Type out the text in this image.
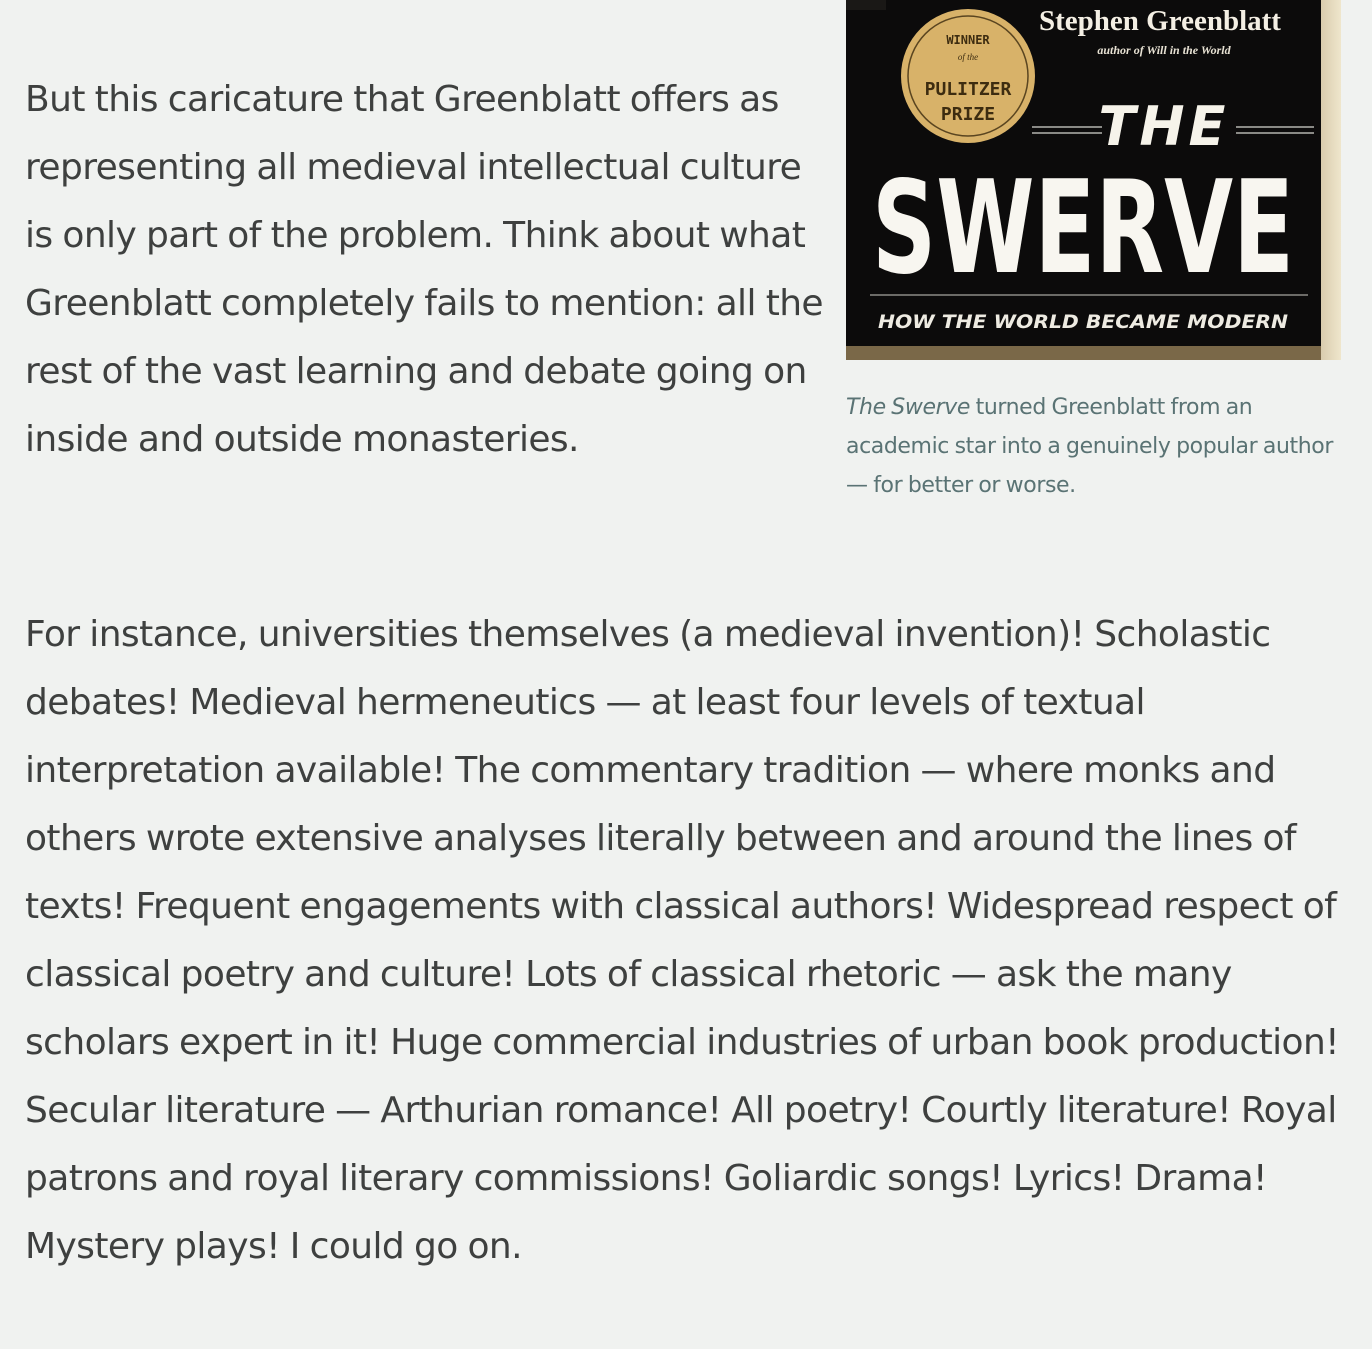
But this caricature that Greenblatt offers as representing all medieval intellectual culture is only part of the problem. Think about what Greenblatt completely fails to mention: all the rest of the vast learning and debate going on inside and outside monasteries.

Stephen Greenblatt
author of Will in the World
WINNER
of the
PULITZER
PRIZE THE
SWERVE
HOW THE WORLD BECAME MODERN
The Swerve turned Greenblatt from an academic star into a genuinely popular author — for better or worse.

For instance, universities themselves (a medieval invention)! Scholastic debates! Medieval hermeneutics — at least four levels of textual interpretation available! The commentary tradition — where monks and others wrote extensive analyses literally between and around the lines of texts! Frequent engagements with classical authors! Widespread respect of classical poetry and culture! Lots of classical rhetoric — ask the many scholars expert in it! Huge commercial industries of urban book production! Secular literature — Arthurian romance! All poetry! Courtly literature! Royal patrons and royal literary commissions! Goliardic songs! Lyrics! Drama! Mystery plays! I could go on.
